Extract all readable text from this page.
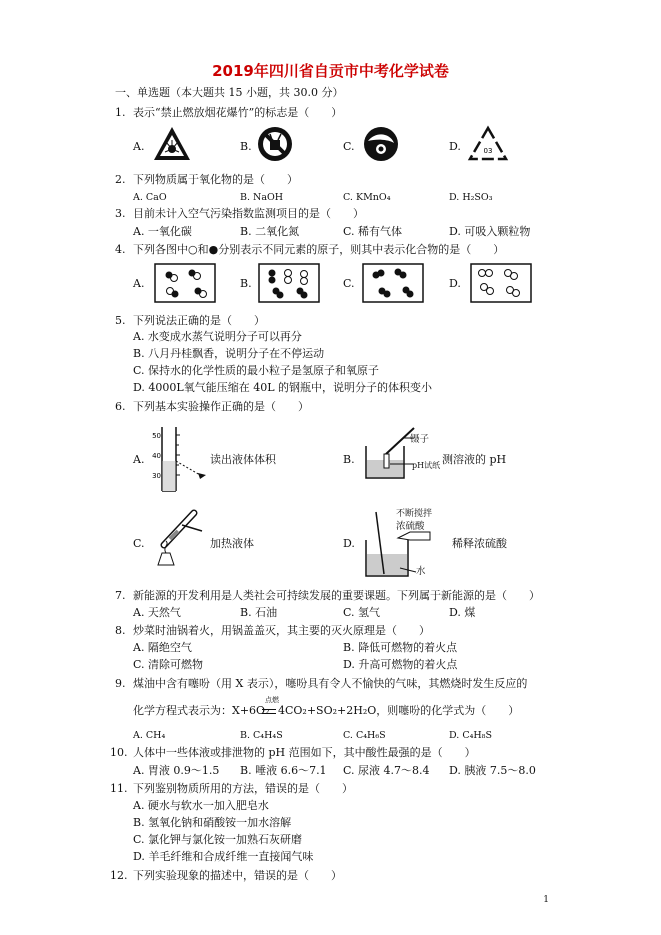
2019年四川省自贡市中考化学试卷
一、单选题（本大题共 15 小题，共 30.0 分）
1. 表示“禁止燃放烟花爆竹”的标志是（　　）
A.	B.	C.	D.	03
2. 下列物质属于氧化物的是（　　）
A. CaO	B. NaOH	C. KMnO₄	D. H₂SO₃
3. 目前未计入空气污染指数监测项目的是（　　）
A. 一氧化碳	B. 二氧化氮	C. 稀有气体	D. 可吸入颗粒物
4. 下列各图中○和●分别表示不同元素的原子，则其中表示化合物的是（　　）
A.	B.	C.	D.
5. 下列说法正确的是（　　）
A. 水变成水蒸气说明分子可以再分
B. 八月丹桂飘香，说明分子在不停运动
C. 保持水的化学性质的最小粒子是氢原子和氧原子
D. 4000L氧气能压缩在 40L 的钢瓶中，说明分子的体积变小
6. 下列基本实验操作正确的是（　　）
A.
50
40
30
读出液体体积	B.
镊子
pH试纸 测溶液的 pH
C.	加热液体	D.
不断搅拌
浓硫酸
水
稀释浓硫酸
7. 新能源的开发利用是人类社会可持续发展的重要课题。下列属于新能源的是（　　）
A. 天然气	B. 石油	C. 氢气	D. 煤
8. 炒菜时油锅着火，用锅盖盖灭，其主要的灭火原理是（　　）
A. 隔绝空气	B. 降低可燃物的着火点
C. 清除可燃物	D. 升高可燃物的着火点
9. 煤油中含有噻吩（用 X 表示），噻吩具有令人不愉快的气味，其燃烧时发生反应的
化学方程式表示为：X+6O₂
点燃
4CO₂+SO₂+2H₂O，则噻吩的化学式为（　　）
A. CH₄	B. C₄H₄S	C. C₄H₆S	D. C₄H₈S
10. 人体中一些体液或排泄物的 pH 范围如下，其中酸性最强的是（　　）
A. 胃液 0.9～1.5 B. 唾液 6.6～7.1 C. 尿液 4.7～8.4 D. 胰液 7.5～8.0
11. 下列鉴别物质所用的方法，错误的是（　　）
A. 硬水与软水一加入肥皂水
B. 氢氧化钠和硝酸铵一加水溶解
C. 氯化钾与氯化铵一加熟石灰研磨
D. 羊毛纤维和合成纤维一直接闻气味
12. 下列实验现象的描述中，错误的是（　　）
1
